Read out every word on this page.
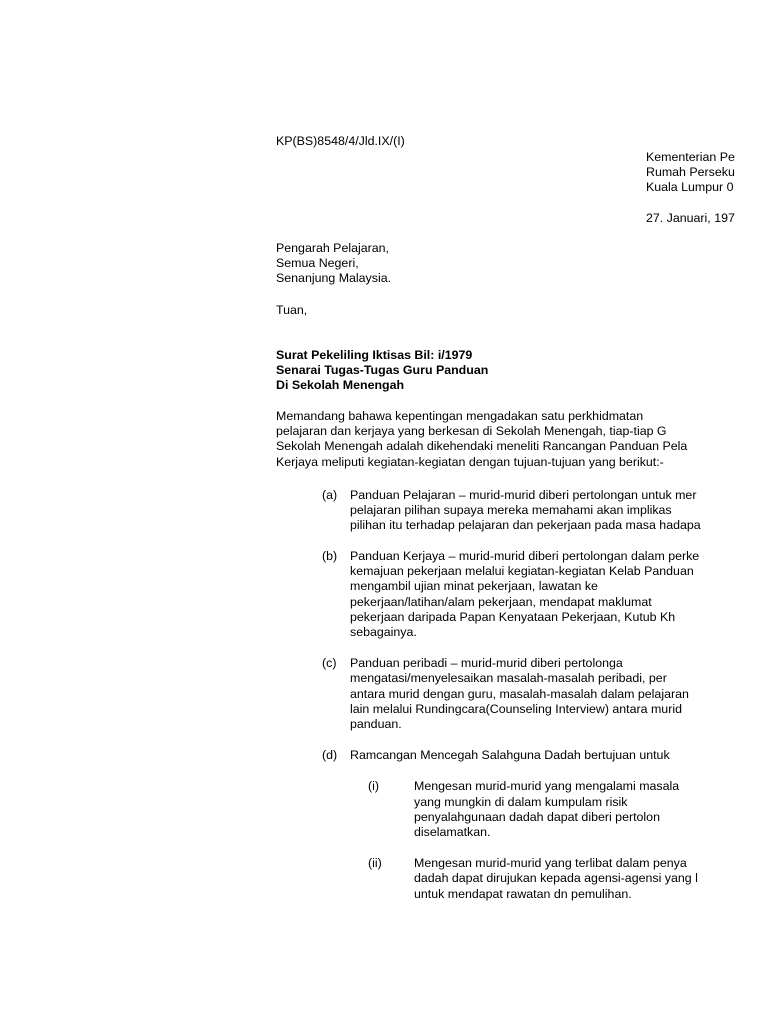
KP(BS)8548/4/Jld.IX/(I)
Kementerian Pe
Rumah Perseku
Kuala Lumpur 0
27. Januari, 197
Pengarah Pelajaran,
Semua Negeri,
Senanjung Malaysia.
Tuan,
Surat Pekeliling Iktisas Bil: i/1979
Senarai Tugas-Tugas Guru Panduan
Di Sekolah Menengah
Memandang bahawa kepentingan mengadakan satu perkhidmatan
pelajaran dan kerjaya yang berkesan di Sekolah Menengah, tiap-tiap G
Sekolah Menengah adalah dikehendaki meneliti Rancangan Panduan Pela
Kerjaya meliputi kegiatan-kegiatan dengan tujuan-tujuan yang berikut:-
(a) Panduan Pelajaran – murid-murid diberi pertolongan untuk mer
pelajaran pilihan supaya mereka memahami akan implikas
pilihan itu terhadap pelajaran dan pekerjaan pada masa hadapa
(b) Panduan Kerjaya – murid-murid diberi pertolongan dalam perke
kemajuan pekerjaan melalui kegiatan-kegiatan Kelab Panduan
mengambil ujian minat pekerjaan, lawatan ke
pekerjaan/latihan/alam pekerjaan, mendapat maklumat
pekerjaan daripada Papan Kenyataan Pekerjaan, Kutub Kh
sebagainya.
(c) Panduan peribadi – murid-murid diberi pertolonga
mengatasi/menyelesaikan masalah-masalah peribadi, per
antara murid dengan guru, masalah-masalah dalam pelajaran
lain melalui Rundingcara(Counseling Interview) antara murid
panduan.
(d) Ramcangan Mencegah Salahguna Dadah bertujuan untuk
(i)	Mengesan murid-murid yang mengalami masala
yang mungkin di dalam kumpulam risik
penyalahgunaan dadah dapat diberi pertolon
diselamatkan.
(ii)	Mengesan murid-murid yang terlibat dalam penya
dadah dapat dirujukan kepada agensi-agensi yang l
untuk mendapat rawatan dn pemulihan.
